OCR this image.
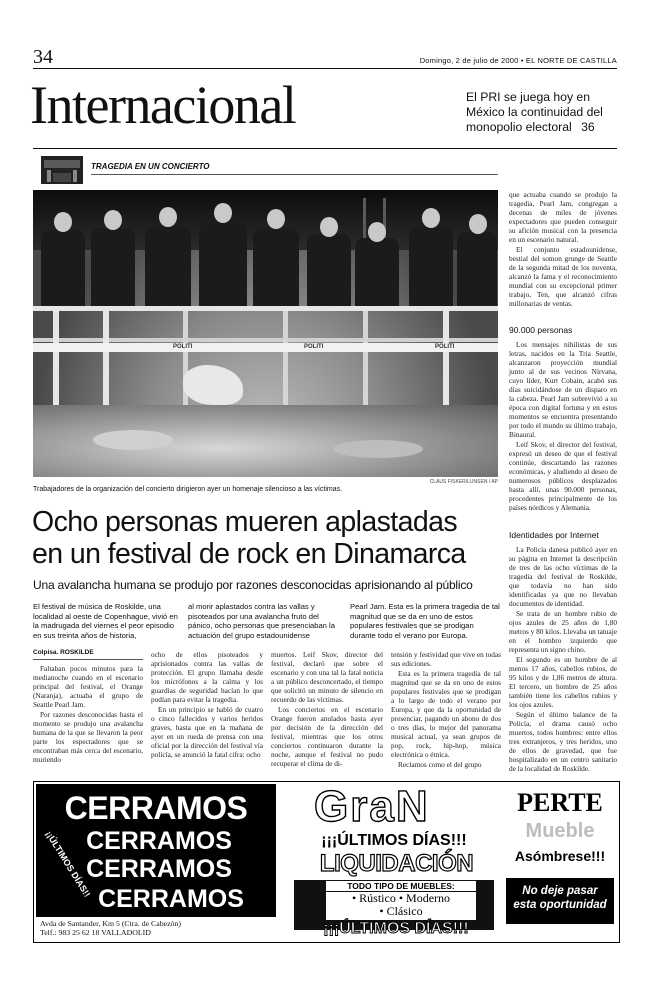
34	Domingo, 2 de julio de 2000 • EL NORTE DE CASTILLA
Internacional	El PRI se juega hoy en México la continuidad del monopolio electoral 36
TRAGEDIA EN UN CONCIERTO
POLITI	POLITI	POLITI
Trabajadores de la organización del concierto dirigieron ayer un homenaje silencioso a las víctimas.
CLAUS FISKER/LUNSEN / AP
Ocho personas mueren aplastadas
en un festival de rock en Dinamarca
Una avalancha humana se produjo por razones desconocidas aprisionando al público
El festival de música de Roskilde, una localidad al oeste de Copenhague, vivió en la madrugada del viernes el peor episodio en sus treinta años de historia,
al morir aplastados contra las vallas y pisoteados por una avalancha fruto del pánico, ocho personas que presenciaban la actuación del grupo estadounidense
Pearl Jam. Esta es la primera tragedia de tal magnitud que se da en uno de estos populares festivales que se prodigan durante todo el verano por Europa.
Colpisa. ROSKILDE

Faltaban pocos minutos para la medianoche cuando en el escenario principal del festival, el Orange (Naranja), actuaba el grupo de Seattle Pearl Jam.

Por razones desconocidas hasta el momento se produjo una avalancha humana de la que se llevaron la peor parte los espectadores que se encontraban más cerca del escenario, muriendo

ocho de ellos pisoteados y aprisionados contra las vallas de protección. El grupo llamaba desde los micrófonos a la calma y los guardias de seguridad hacían lo que podían para evitar la tragedia.

En un principio se habló de cuatro o cinco fallecidos y varios heridos graves, hasta que en la mañana de ayer en un rueda de prensa con una oficial por la dirección del festival vía policía, se anunció la fatal cifra: ocho

muertos. Leif Skov, director del festival, declaró que sobre el escenario y con una tal la fatal noticia a un público desconcertado, el tiempo que solicitó un minuto de silencio en recuerdo de las víctimas.

Los conciertos en el escenario Orange fueron anulados hasta ayer por decisión de la dirección del festival, mientras que los otros conciertos continuaron durante la noche, aunque el festival no pudo recuperar el clima de di-

tensión y festividad que vive en todas sus ediciones.

Esta es la primera tragedia de tal magnitud que se da en uno de estos populares festivales que se prodigan a lo largo de todo el verano por Europa, y que da la oportunidad de presenciar, pagando un abono de dos o tres días, lo mejor del panorama musical actual, ya sean grupos de pop, rock, hip-hop, música electrónica o étnica.

Reclamos como el del grupo

que actuaba cuando se produjo la tragedia, Pearl Jam, congregan a decenas de miles de jóvenes expectadores que pueden conseguir su afición musical con la presencia en un escenario natural.

El conjunto estadounidense, bestial del somon grunge de Seattle de la segunda mitad de los noventa, alcanzó la fama y el reconocimiento mundial con su excepcional primer trabajo, Ten, que alcanzó cifras millonarias de ventas.

90.000 personas

Los mensajes nihilistas de sus letras, nacidos en la Tria Seattle, alcanzaron proyección mundial junto al de sus vecinos Nirvana, cuyo líder, Kurt Cobain, acabó sus días suicidándose de un disparo en la cabeza. Pearl Jam sobrevivió a su época con digital fortuna y en estos momentos se encuentra presentando por todo el mundo su último trabajo, Binaural.

Leif Skov, el director del festival, expresó un deseo de que el festival continúe, descartando las razones económicas, y aludiendo al deseo de numerosos públicos desplazados hasta allí, unas 90.000 personas, procedentes principalmente de los países nórdicos y Alemania.

Identidades por Internet

La Policía danesa publicó ayer en su página en Internet la descripción de tres de las ocho víctimas de la tragedia del festival de Roskilde, que todavía no han sido identificadas ya que no llevaban documentos de identidad.

Se trata de un hombre rubio de ojos azules de 25 años de 1,80 metros y 80 kilos. Llevaba un tatuaje en el hombro izquierdo que representa un signo chino.

El segundo es un hombre de al menos 17 años, cabellos rubios, de 95 kilos y de 1,86 metros de altura. El tercero, un hombre de 25 años también tiene los cabellos rubios y los ojos azules.

Según el último balance de la Policía, el drama causó ocho muertos, todos hombres: entre ellos tres extranjeros, y tres heridos, uno de ellos de gravedad, que fue hospitalizado en un centro sanitario de la localidad de Roskilde.

CERRAMOS
CERRAMOS
CERRAMOS
CERRAMOS
¡¡ÚLTIMOS DÍAS!!
Avda de Santander, Km 5 (Ctra. de Cabezón)
Telf.: 983 25 62 18 VALLADOLID
GraN
¡¡¡ÚLTIMOS DÍAS!!!
LIQUIDACIÓN
TODO TIPO DE MUEBLES:
• Rústico • Moderno
• Clásico
¡¡¡ÚLTIMOS DÍAS!!!
PERTE
Mueble
Asómbrese!!!
No deje pasar esta oportunidad
